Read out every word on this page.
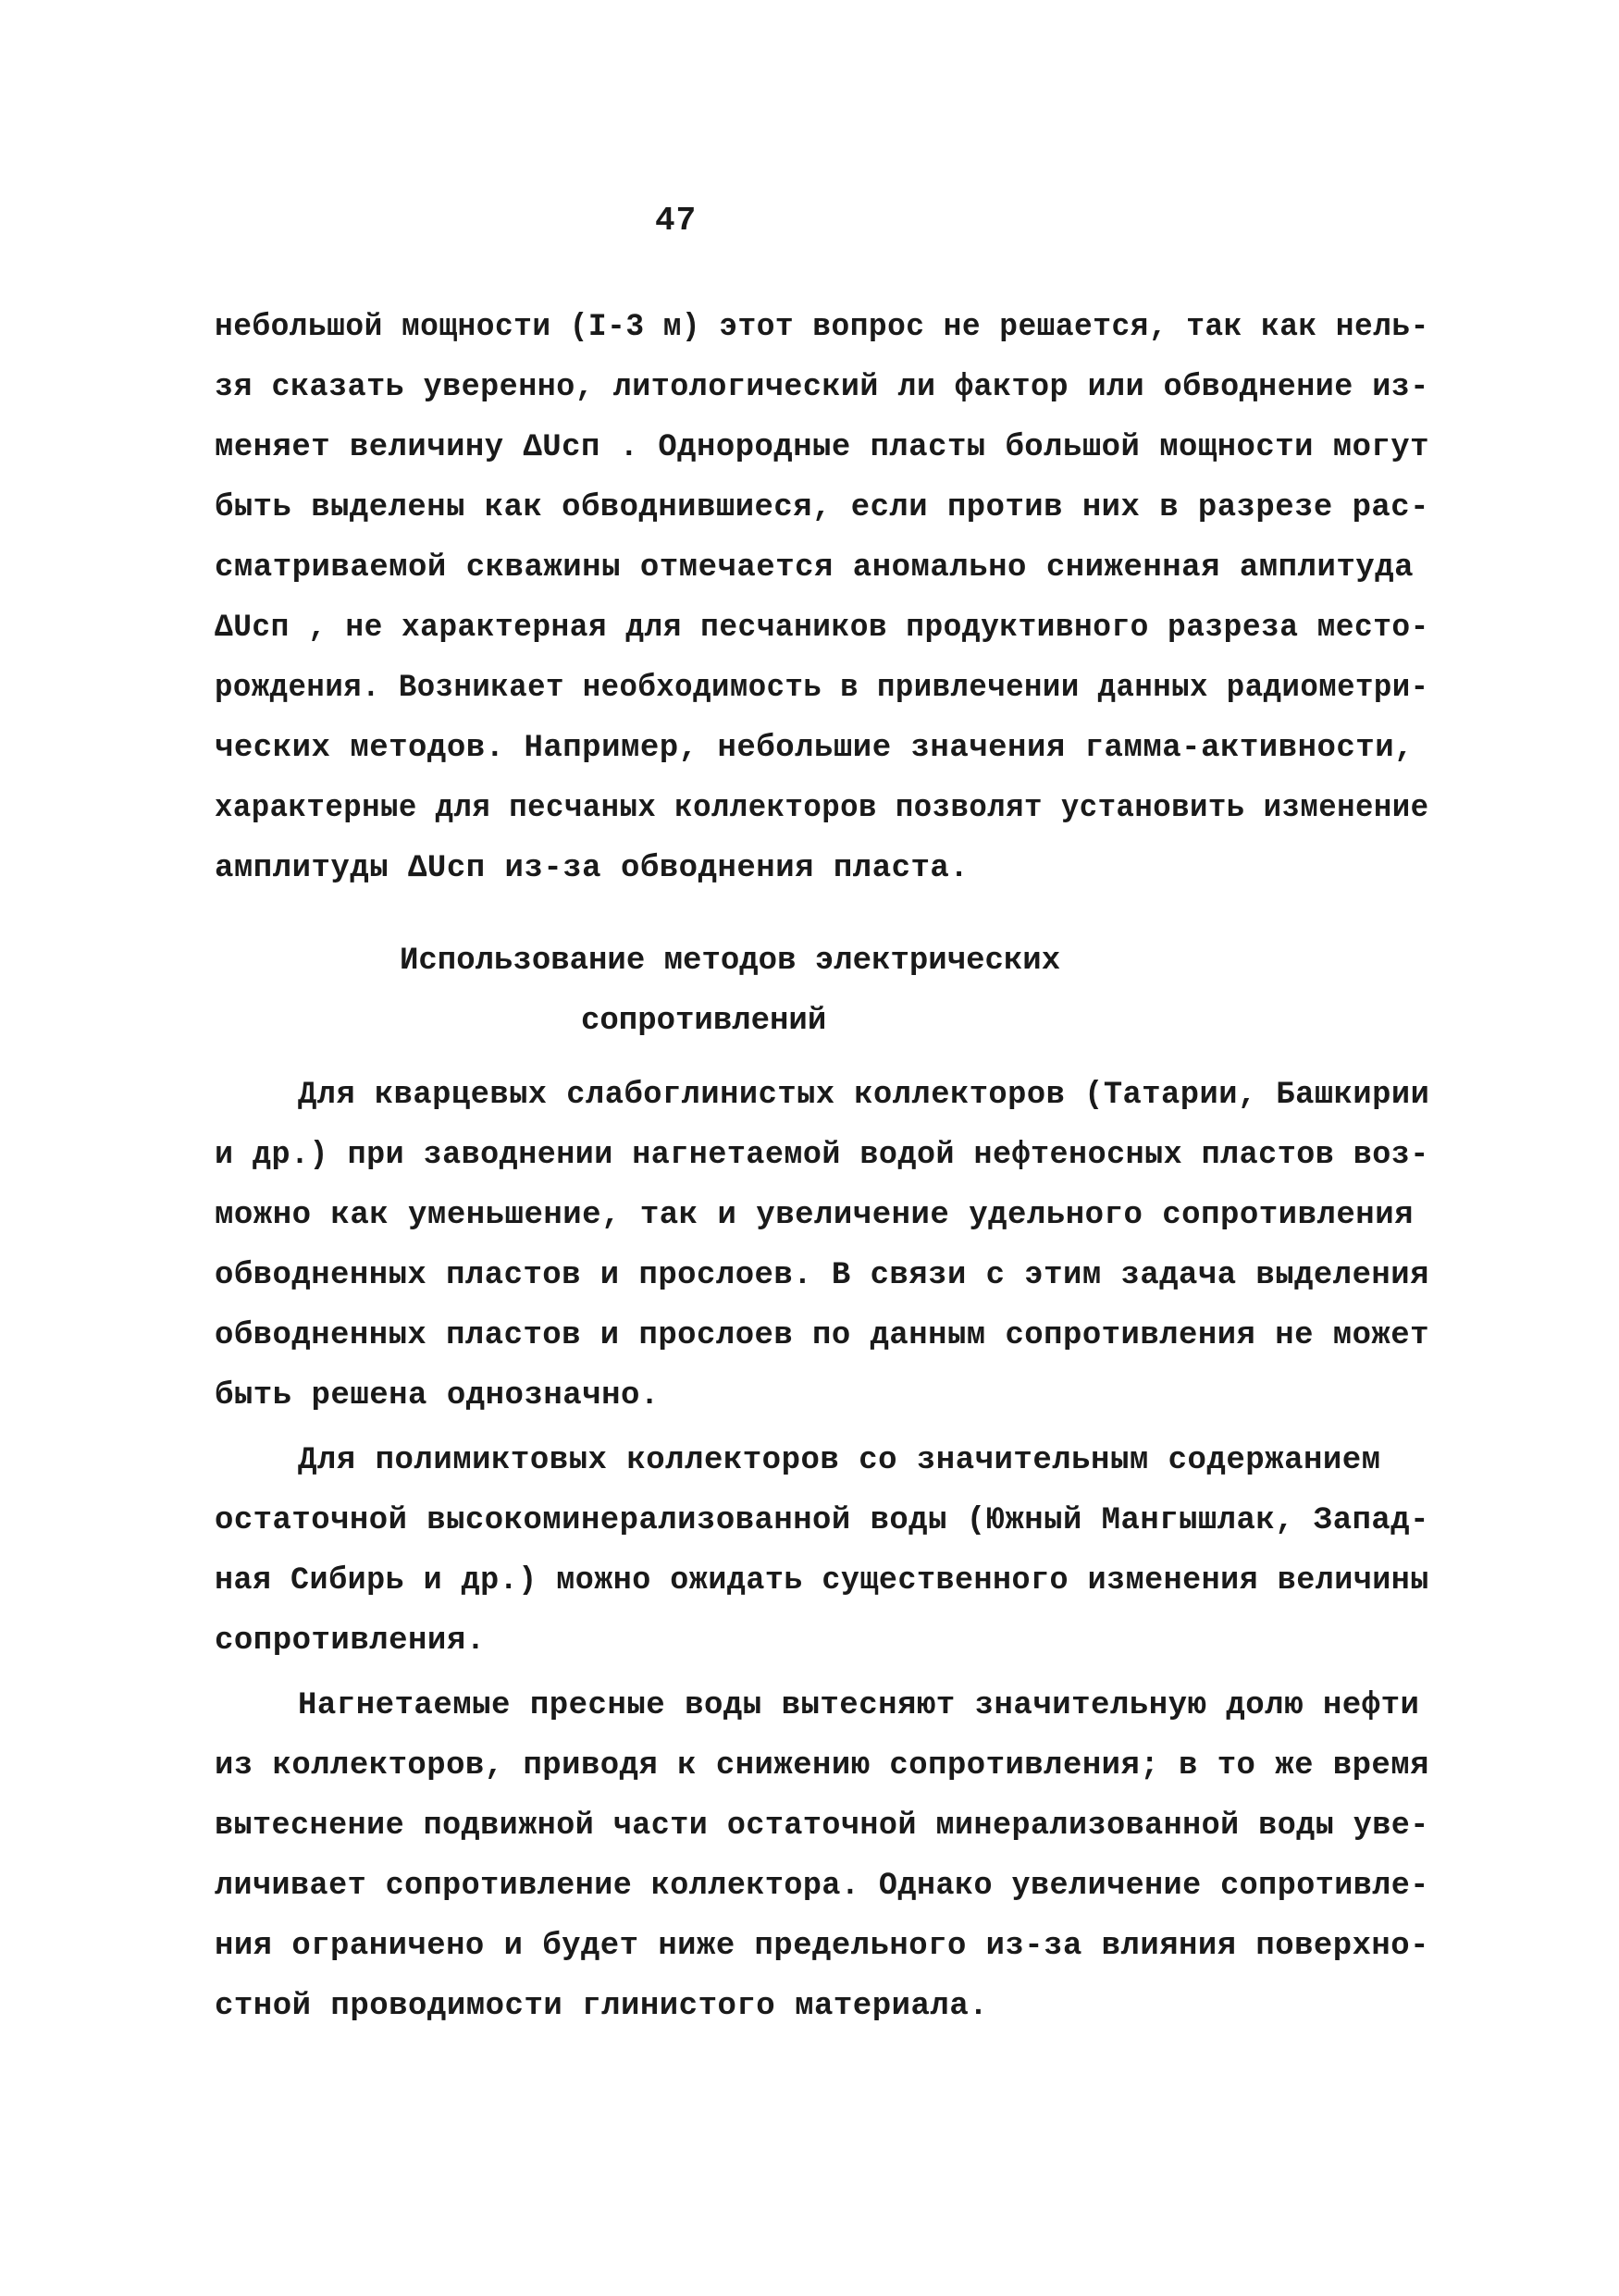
47
небольшой мощности (I-3 м) этот вопрос не решается, так как нель-
зя сказать уверенно, литологический ли фактор или обводнение из-
меняет величину ΔUсп . Однородные пласты большой мощности могут
быть выделены как обводнившиеся, если против них в разрезе рас-
сматриваемой скважины отмечается аномально сниженная амплитуда
ΔUсп , не характерная для песчаников продуктивного разреза место-
рождения. Возникает необходимость в привлечении данных радиометри-
ческих методов. Например, небольшие значения гамма-активности,
характерные для песчаных коллекторов позволят установить изменение
амплитуды ΔUсп из-за обводнения пласта.
Использование методов электрических
сопротивлений
Для кварцевых слабоглинистых коллекторов (Татарии, Башкирии
и др.) при заводнении нагнетаемой водой нефтеносных пластов воз-
можно как уменьшение, так и увеличение удельного сопротивления
обводненных пластов и прослоев. В связи с этим задача выделения
обводненных пластов и прослоев по данным сопротивления не может
быть решена однозначно.
Для полимиктовых коллекторов со значительным содержанием
остаточной высокоминерализованной воды (Южный Мангышлак, Запад-
ная Сибирь и др.) можно ожидать существенного изменения величины
сопротивления.
Нагнетаемые пресные воды вытесняют значительную долю нефти
из коллекторов, приводя к снижению сопротивления; в то же время
вытеснение подвижной части остаточной минерализованной воды уве-
личивает сопротивление коллектора. Однако увеличение сопротивле-
ния ограничено и будет ниже предельного из-за влияния поверхно-
стной проводимости глинистого материала.
